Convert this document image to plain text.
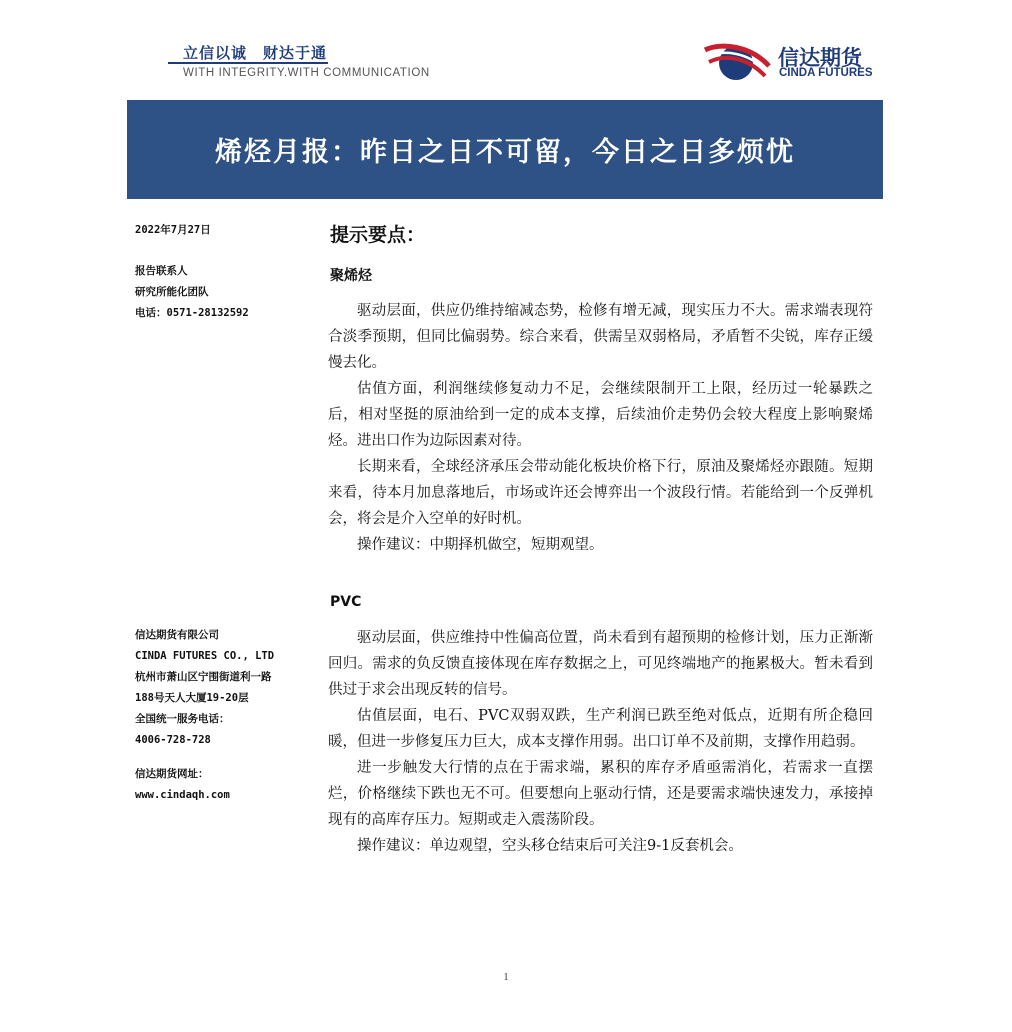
立信以诚　财达于通
WITH INTEGRITY.WITH COMMUNICATION
信达期货
CINDA FUTURES
烯烃月报：昨日之日不可留，今日之日多烦忧
2022年7月27日
报告联系人
研究所能化团队
电话：0571-28132592
信达期货有限公司
CINDA FUTURES CO., LTD
杭州市萧山区宁围街道利一路
188号天人大厦19-20层
全国统一服务电话：
4006-728-728
信达期货网址：
www.cindaqh.com
提示要点：
聚烯烃

驱动层面，供应仍维持缩减态势，检修有增无减，现实压力不大。需求端表现符合淡季预期，但同比偏弱势。综合来看，供需呈双弱格局，矛盾暂不尖锐，库存正缓慢去化。

估值方面，利润继续修复动力不足，会继续限制开工上限，经历过一轮暴跌之后，相对坚挺的原油给到一定的成本支撑，后续油价走势仍会较大程度上影响聚烯烃。进出口作为边际因素对待。

长期来看，全球经济承压会带动能化板块价格下行，原油及聚烯烃亦跟随。短期来看，待本月加息落地后，市场或许还会博弈出一个波段行情。若能给到一个反弹机会，将会是介入空单的好时机。

操作建议：中期择机做空，短期观望。

PVC

驱动层面，供应维持中性偏高位置，尚未看到有超预期的检修计划，压力正渐渐回归。需求的负反馈直接体现在库存数据之上，可见终端地产的拖累极大。暂未看到供过于求会出现反转的信号。

估值层面，电石、PVC双弱双跌，生产利润已跌至绝对低点，近期有所企稳回暖，但进一步修复压力巨大，成本支撑作用弱。出口订单不及前期，支撑作用趋弱。

进一步触发大行情的点在于需求端，累积的库存矛盾亟需消化，若需求一直摆烂，价格继续下跌也无不可。但要想向上驱动行情，还是要需求端快速发力，承接掉现有的高库存压力。短期或走入震荡阶段。

操作建议：单边观望，空头移仓结束后可关注9-1反套机会。

1
